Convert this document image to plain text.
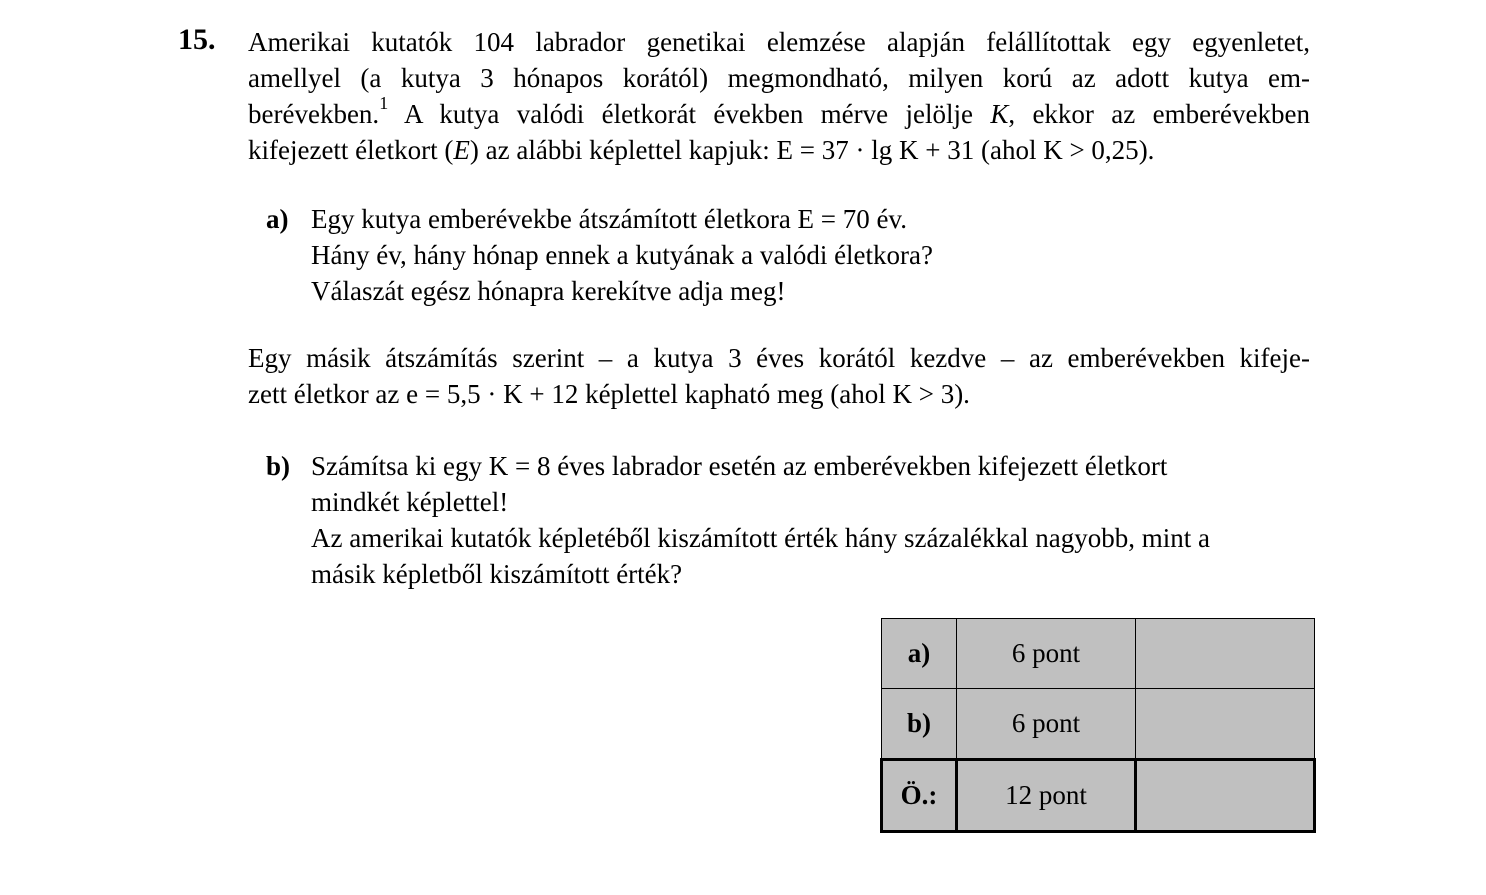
15. Amerikai kutatók 104 labrador genetikai elemzése alapján felállítottak egy egyenletet,
amellyel (a kutya 3 hónapos korától) megmondható, milyen korú az adott kutya em-
berévekben.$^1$ A kutya valódi életkorát években mérve jelölje K, ekkor az emberévekben
kifejezett életkort (E) az alábbi képlettel kapjuk: E = 37 · lg K + 31 (ahol K > 0,25).
a) Egy kutya emberévekbe átszámított életkora E = 70 év.
Hány év, hány hónap ennek a kutyának a valódi életkora?
Válaszát egész hónapra kerekítve adja meg!
Egy másik átszámítás szerint – a kutya 3 éves korától kezdve – az emberévekben kifeje-
zett életkor az e = 5,5 · K + 12 képlettel kapható meg (ahol K > 3).
b) Számítsa ki egy K = 8 éves labrador esetén az emberévekben kifejezett életkort
mindkét képlettel!
Az amerikai kutatók képletéből kiszámított érték hány százalékkal nagyobb, mint a
másik képletből kiszámított érték?
a)	6 pont	
b)	6 pont	
Ö.:	12 pont	
